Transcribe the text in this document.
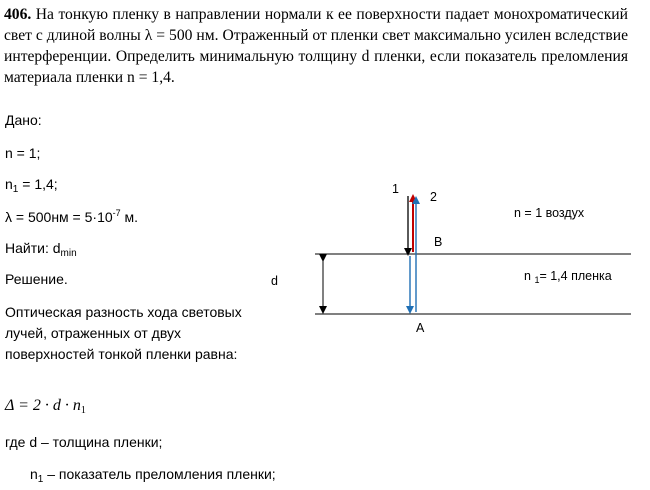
406. На тонкую пленку в направлении нормали к ее поверхности падает монохроматический свет с длиной волны λ = 500 нм. Отраженный от пленки свет максимально усилен вследствие интерференции. Определить минимальную толщину d пленки, если показатель преломления материала пленки n = 1,4.
Дано:
n = 1;
$n_1 = 1,4$;
$\lambda = 500нм = 5\cdot 10^{-7}$ м.
Найти: $d_{min}$
Решение.
Оптическая разность хода световых лучей, отраженных от двух поверхностей тонкой пленки равна:
$\Delta = 2 \cdot d \cdot n_1$
где d – толщина пленки;
$n_1$ – показатель преломления пленки;
1
2
B
A
d
n = 1 воздух
n $_1$= 1,4 пленка
